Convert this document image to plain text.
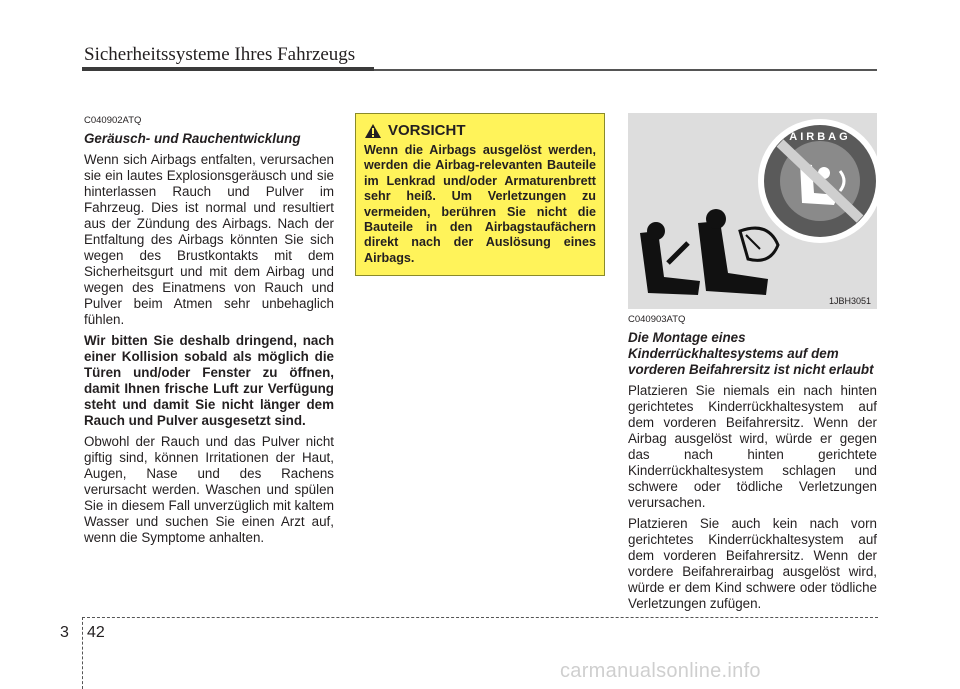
Sicherheitssysteme Ihres Fahrzeugs
C040902ATQ
Geräusch- und Rauchentwicklung

Wenn sich Airbags entfalten, verursachen sie ein lautes Explosionsgeräusch und sie hinterlassen Rauch und Pulver im Fahrzeug. Dies ist normal und resultiert aus der Zündung des Airbags. Nach der Entfaltung des Airbags könnten Sie sich wegen des Brustkontakts mit dem Sicherheitsgurt und mit dem Airbag und wegen des Einatmens von Rauch und Pulver beim Atmen sehr unbehaglich fühlen.

Wir bitten Sie deshalb dringend, nach einer Kollision sobald als möglich die Türen und/oder Fenster zu öffnen, damit Ihnen frische Luft zur Verfügung steht und damit Sie nicht länger dem Rauch und Pulver ausgesetzt sind.

Obwohl der Rauch und das Pulver nicht giftig sind, können Irritationen der Haut, Augen, Nase und des Rachens verursacht werden. Waschen und spülen Sie in diesem Fall unverzüglich mit kaltem Wasser und suchen Sie einen Arzt auf, wenn die Symptome anhalten.

VORSICHT
Wenn die Airbags ausgelöst werden, werden die Airbag-relevanten Bauteile im Lenkrad und/oder Armaturenbrett sehr heiß. Um Verletzungen zu vermeiden, berühren Sie nicht die Bauteile in den Airbagstaufächern direkt nach der Auslösung eines Airbags.
AIRBAG
1JBH3051
C040903ATQ
Die Montage eines Kinderrückhaltesystems auf dem vorderen Beifahrersitz ist nicht erlaubt

Platzieren Sie niemals ein nach hinten gerichtetes Kinderrückhaltesystem auf dem vorderen Beifahrersitz. Wenn der Airbag ausgelöst wird, würde er gegen das nach hinten gerichtete Kinderrückhaltesystem schlagen und schwere oder tödliche Verletzungen verursachen.

Platzieren Sie auch kein nach vorn gerichtetes Kinderrückhaltesystem auf dem vorderen Beifahrersitz. Wenn der vordere Beifahrerairbag ausgelöst wird, würde er dem Kind schwere oder tödliche Verletzungen zufügen.

3 42
carmanualsonline.info
